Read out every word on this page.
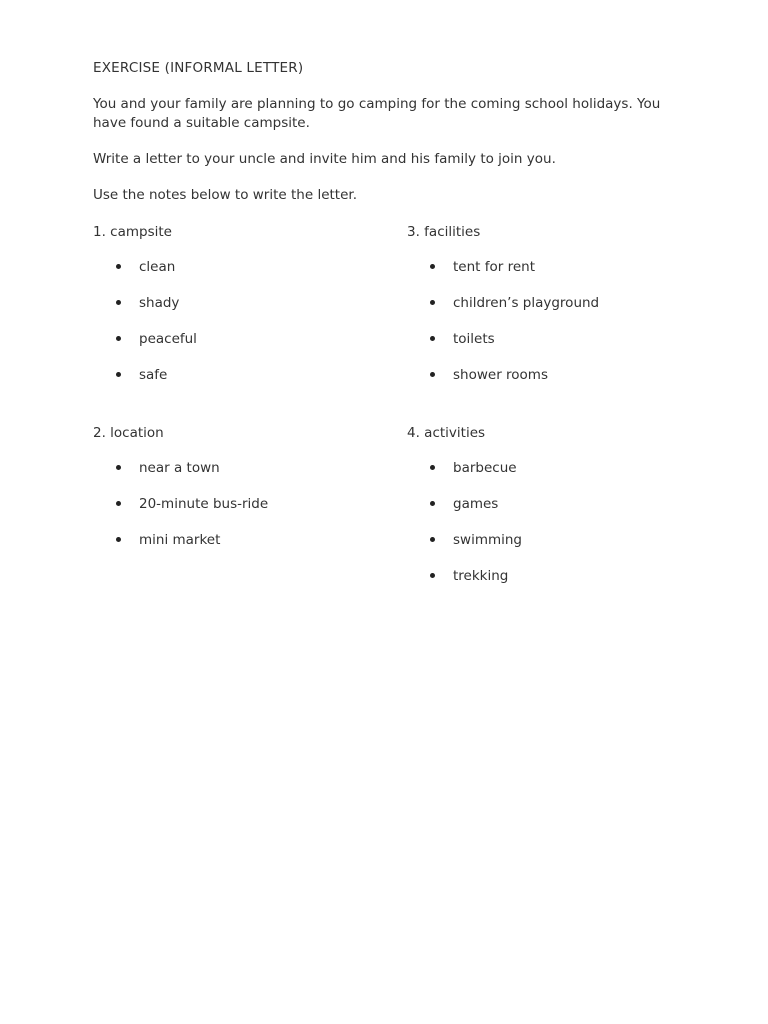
EXERCISE (INFORMAL LETTER)

You and your family are planning to go camping for the coming school holidays. You have found a suitable campsite.

Write a letter to your uncle and invite him and his family to join you.

Use the notes below to write the letter.

1. campsite

clean
shady
peaceful
safe

3. facilities

tent for rent
children’s playground
toilets
shower rooms

2. location

near a town
20-minute bus-ride
mini market

4. activities

barbecue
games
swimming
trekking
